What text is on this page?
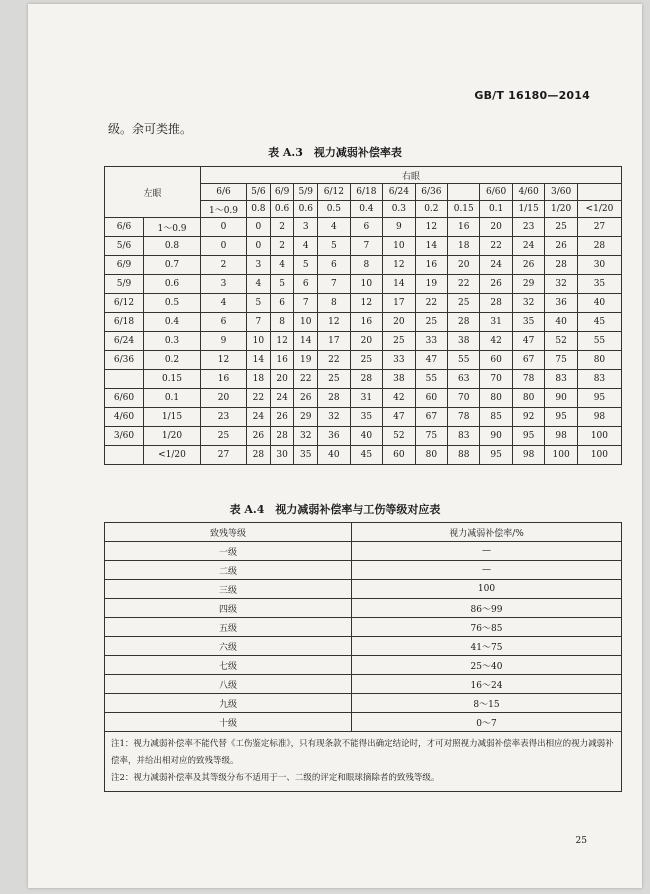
GB/T 16180—2014
级。余可类推。
表 A.3　视力减弱补偿率表
左眼		右眼												
		6/6	5/6	6/9	5/9	6/12	6/18	6/24	6/36		6/60	4/60	3/60	
		1～0.9	0.8	0.6	0.6	0.5	0.4	0.3	0.2	0.15	0.1	1/15	1/20	<1/20
6/6	1～0.9	0	0	2	3	4	6	9	12	16	20	23	25	27
5/6	0.8	0	0	2	4	5	7	10	14	18	22	24	26	28
6/9	0.7	2	3	4	5	6	8	12	16	20	24	26	28	30
5/9	0.6	3	4	5	6	7	10	14	19	22	26	29	32	35
6/12	0.5	4	5	6	7	8	12	17	22	25	28	32	36	40
6/18	0.4	6	7	8	10	12	16	20	25	28	31	35	40	45
6/24	0.3	9	10	12	14	17	20	25	33	38	42	47	52	55
6/36	0.2	12	14	16	19	22	25	33	47	55	60	67	75	80
	0.15	16	18	20	22	25	28	38	55	63	70	78	83	83
6/60	0.1	20	22	24	26	28	31	42	60	70	80	80	90	95
4/60	1/15	23	24	26	29	32	35	47	67	78	85	92	95	98
3/60	1/20	25	26	28	32	36	40	52	75	83	90	95	98	100
	<1/20	27	28	30	35	40	45	60	80	88	95	98	100	100
表 A.4　视力减弱补偿率与工伤等级对应表
致残等级	视力减弱补偿率/%
一级	—
二级	—
三级	100
四级	86～99
五级	76～85
六级	41～75
七级	25～40
八级	16～24
九级	8～15
十级	0～7

注1：视力减弱补偿率不能代替《工伤鉴定标准》，只有现条款不能得出确定结论时，才可对照视力减弱补偿率表得出相应的视力减弱补偿率，并给出相对应的致残等级。
注2：视力减弱补偿率及其等级分布不适用于一、二级的评定和眼球摘除者的致残等级。	
25
